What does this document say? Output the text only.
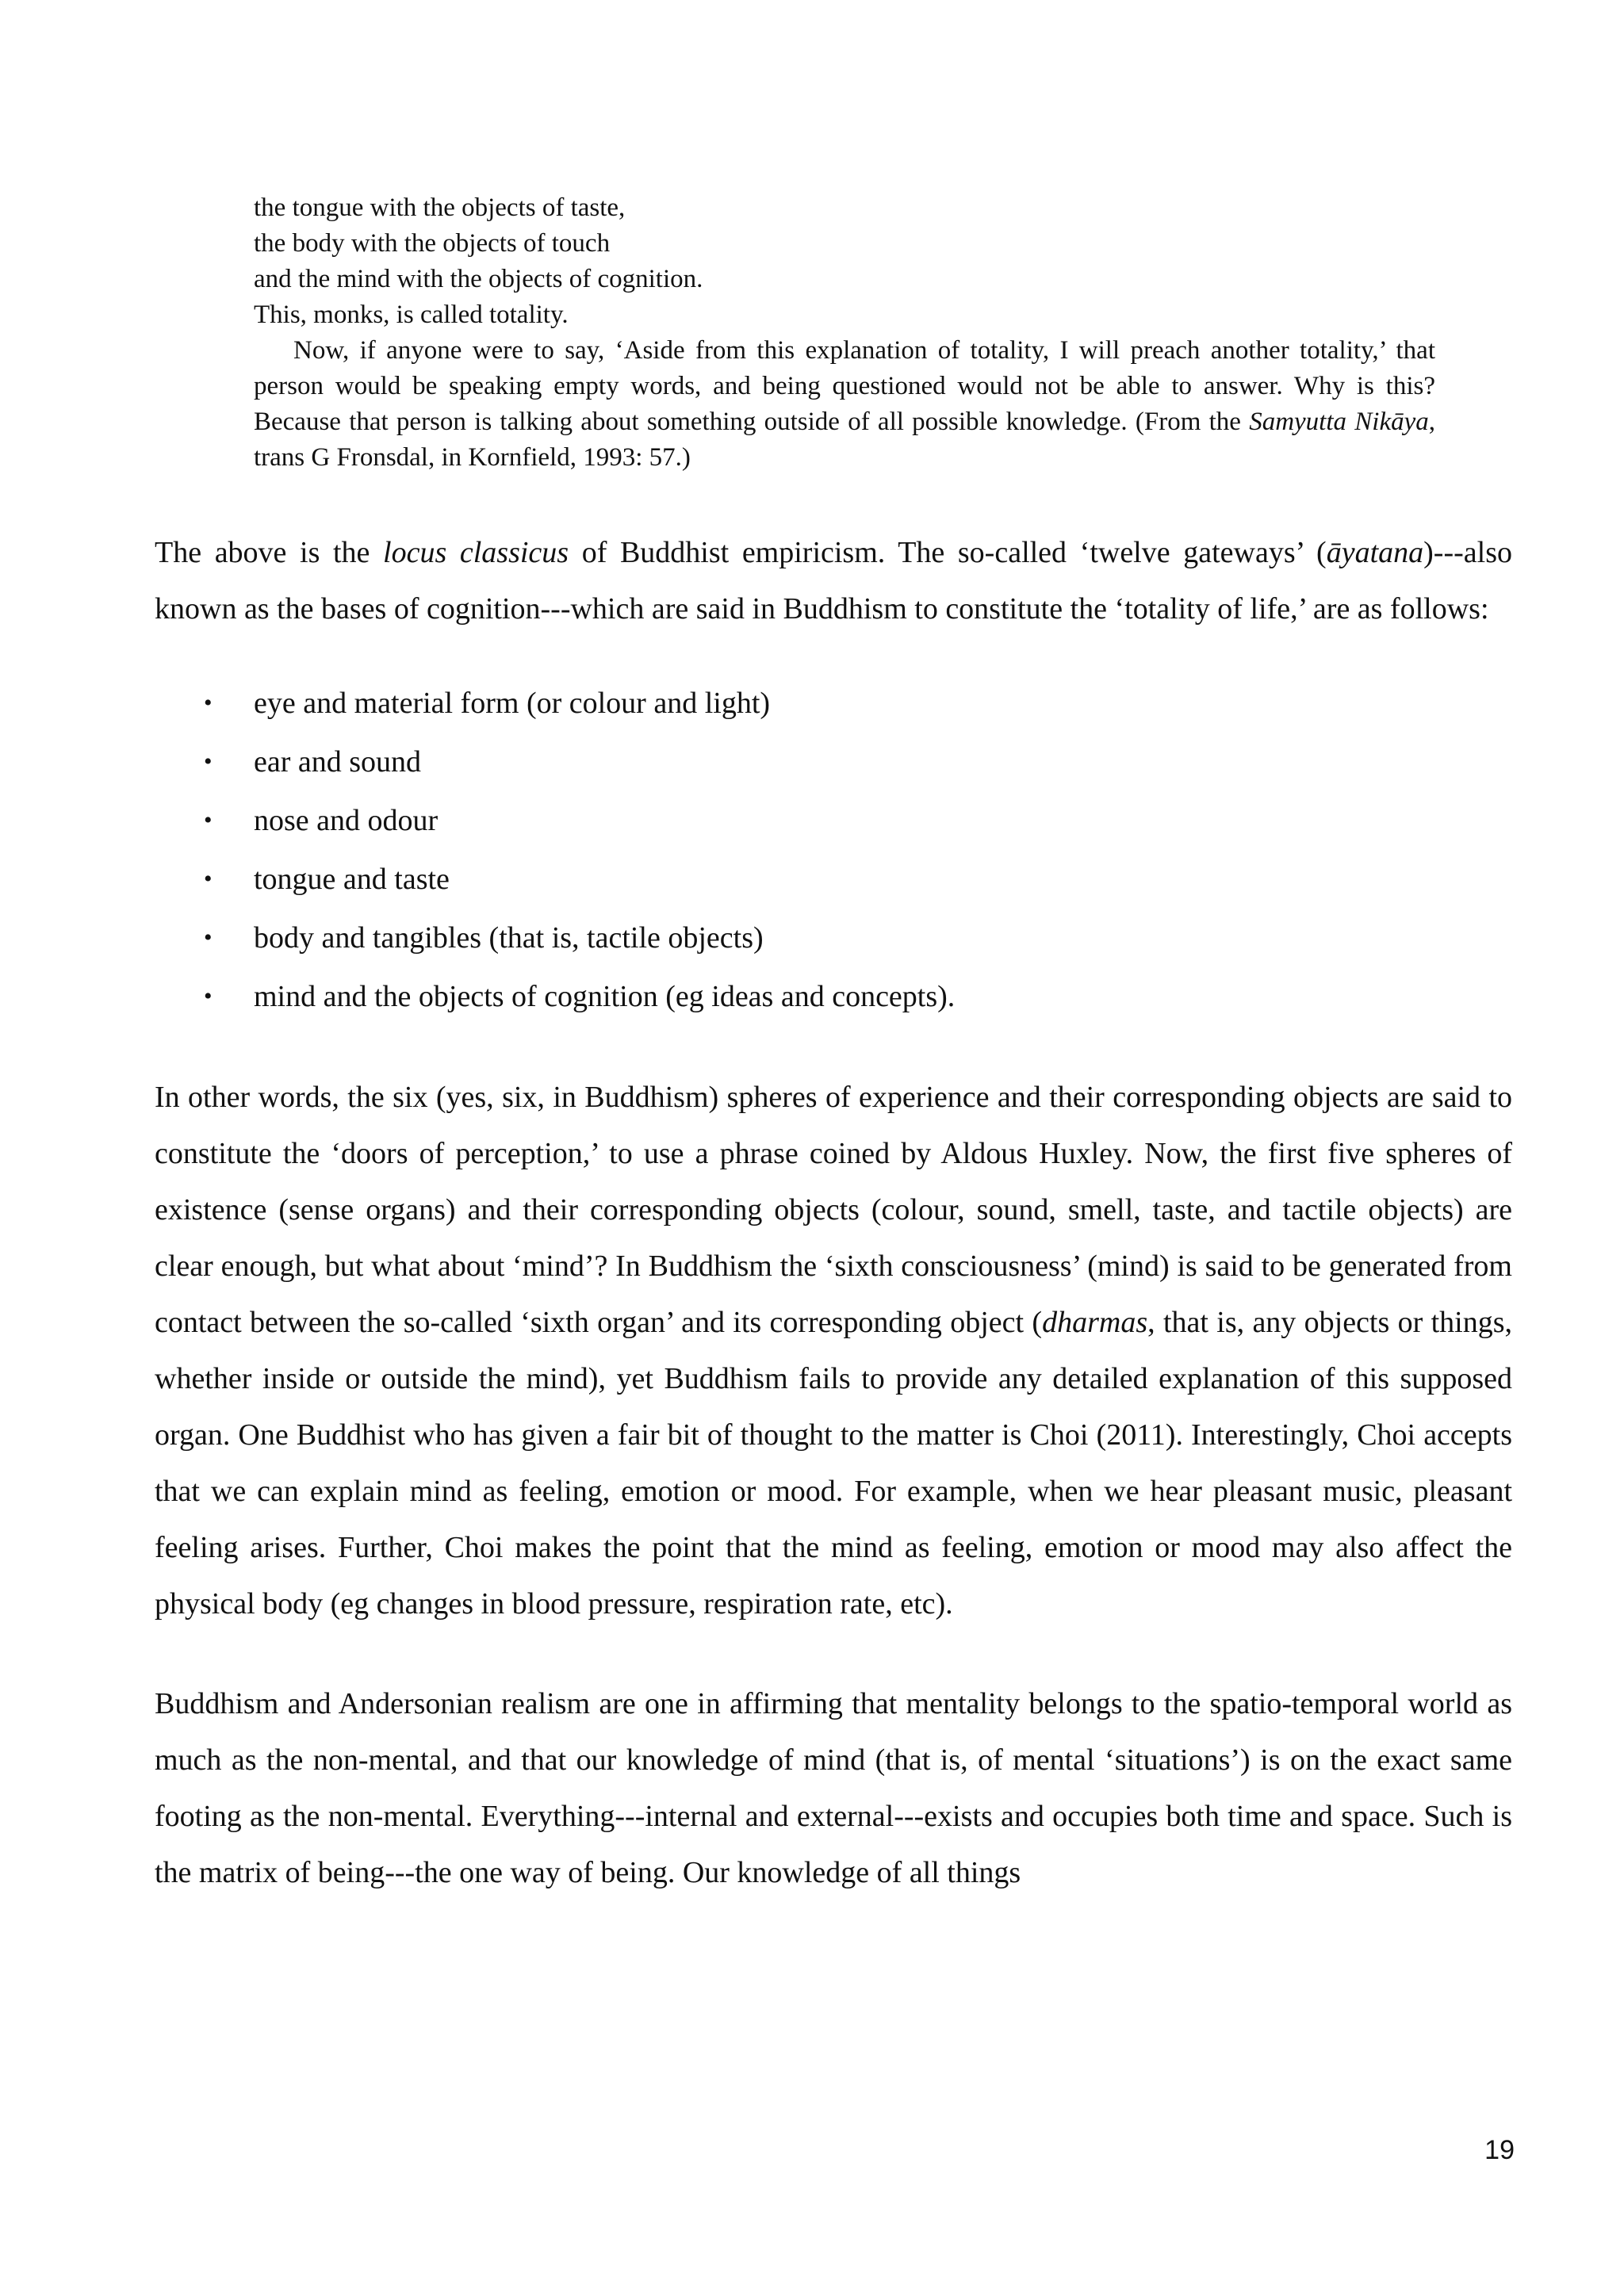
the tongue with the objects of taste,
the body with the objects of touch
and the mind with the objects of cognition.
This, monks, is called totality.
Now, if anyone were to say, ‘Aside from this explanation of totality, I will preach another totality,’ that person would be speaking empty words, and being questioned would not be able to answer. Why is this? Because that person is talking about something outside of all possible knowledge. (From the Samyutta Nikāya, trans G Fronsdal, in Kornfield, 1993: 57.)

The above is the locus classicus of Buddhist empiricism. The so-called ‘twelve gateways’ (āyatana)---also known as the bases of cognition---which are said in Buddhism to constitute the ‘totality of life,’ are as follows:

• eye and material form (or colour and light)
• ear and sound
• nose and odour
• tongue and taste
• body and tangibles (that is, tactile objects)
• mind and the objects of cognition (eg ideas and concepts).

In other words, the six (yes, six, in Buddhism) spheres of experience and their corresponding objects are said to constitute the ‘doors of perception,’ to use a phrase coined by Aldous Huxley. Now, the first five spheres of existence (sense organs) and their corresponding objects (colour, sound, smell, taste, and tactile objects) are clear enough, but what about ‘mind’? In Buddhism the ‘sixth consciousness’ (mind) is said to be generated from contact between the so-called ‘sixth organ’ and its corresponding object (dharmas, that is, any objects or things, whether inside or outside the mind), yet Buddhism fails to provide any detailed explanation of this supposed organ. One Buddhist who has given a fair bit of thought to the matter is Choi (2011). Interestingly, Choi accepts that we can explain mind as feeling, emotion or mood. For example, when we hear pleasant music, pleasant feeling arises. Further, Choi makes the point that the mind as feeling, emotion or mood may also affect the physical body (eg changes in blood pressure, respiration rate, etc).

Buddhism and Andersonian realism are one in affirming that mentality belongs to the spatio-temporal world as much as the non-mental, and that our knowledge of mind (that is, of mental ‘situations’) is on the exact same footing as the non-mental. Everything---internal and external---exists and occupies both time and space. Such is the matrix of being---the one way of being. Our knowledge of all things

19
